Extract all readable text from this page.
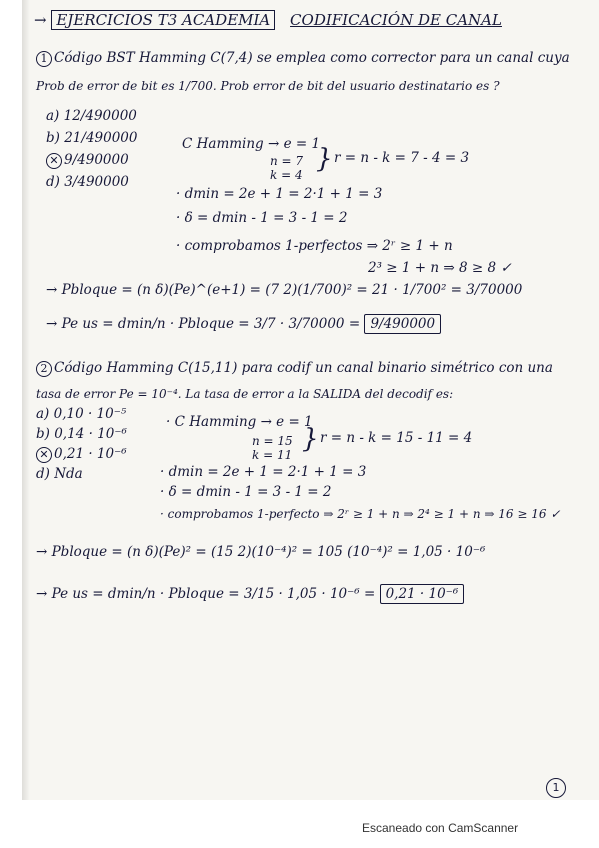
→ EJERCICIOS T3 ACADEMIA CODIFICACIÓN DE CANAL
1 Código BST Hamming C(7,4) se emplea como corrector para un canal cuya
Prob de error de bit es 1/700. Prob error de bit del usuario destinatario es ?
a) 12/490000
b) 21/490000
✕ 9/490000
d) 3/490000
C Hamming → e = 1
n = 7
k = 4
} r = n - k = 7 - 4 = 3
· dmin = 2e + 1 = 2·1 + 1 = 3
· δ = dmin - 1 = 3 - 1 = 2
· comprobamos 1-perfectos ⇒ 2ʳ ≥ 1 + n
2³ ≥ 1 + n ⇒ 8 ≥ 8 ✓
→ Pbloque = (n δ)(Pe)^(e+1) = (7 2)(1/700)² = 21 · 1/700² = 3/70000
→ Pe us = dmin/n · Pbloque = 3/7 · 3/70000 = 9/490000
2 Código Hamming C(15,11) para codif un canal binario simétrico con una
tasa de error Pe = 10⁻⁴. La tasa de error a la SALIDA del decodif es:
a) 0,10 · 10⁻⁵
b) 0,14 · 10⁻⁶
✕ 0,21 · 10⁻⁶
d) Nda
· C Hamming → e = 1
n = 15
k = 11
} r = n - k = 15 - 11 = 4
· dmin = 2e + 1 = 2·1 + 1 = 3
· δ = dmin - 1 = 3 - 1 = 2
· comprobamos 1-perfecto ⇒ 2ʳ ≥ 1 + n ⇒ 2⁴ ≥ 1 + n ⇒ 16 ≥ 16 ✓
→ Pbloque = (n δ)(Pe)² = (15 2)(10⁻⁴)² = 105 (10⁻⁴)² = 1,05 · 10⁻⁶
→ Pe us = dmin/n · Pbloque = 3/15 · 1,05 · 10⁻⁶ = 0,21 · 10⁻⁶
1
Escaneado con CamScanner
